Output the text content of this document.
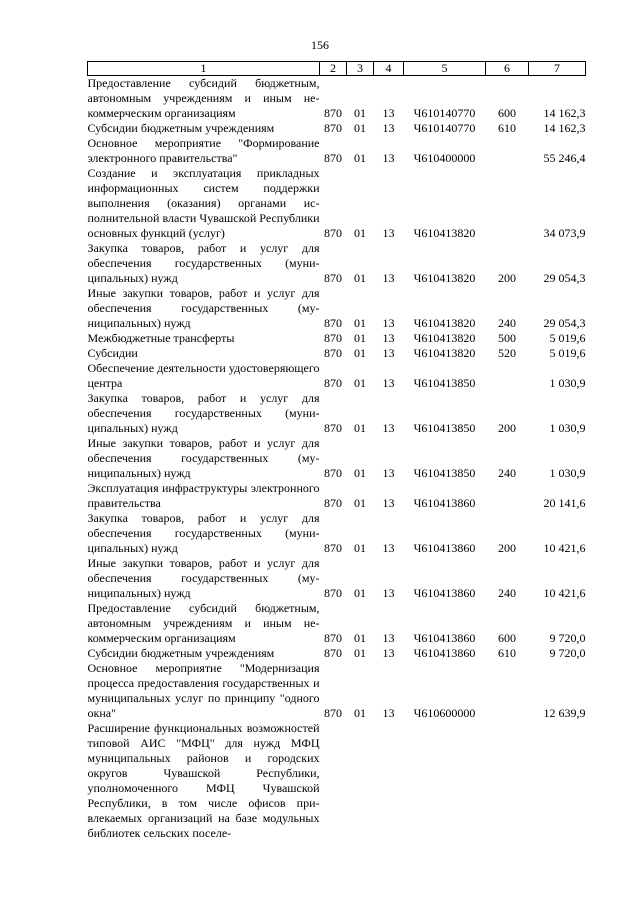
156
1	2	3	4	5	6	7
Предоставление субсидий бюджетным, автономным учреждениям и иным некоммерческим организациям	870	01	13	Ч610140770	600	14 162,3
Субсидии бюджетным учреждениям	870	01	13	Ч610140770	610	14 162,3
Основное мероприятие "Формирование электронного правительства"	870	01	13	Ч610400000		55 246,4
Создание и эксплуатация прикладных информационных систем поддержки выполнения (оказания) органами исполнительной власти Чувашской Республики основных функций (услуг)	870	01	13	Ч610413820		34 073,9
Закупка товаров, работ и услуг для обеспечения государственных (муниципальных) нужд	870	01	13	Ч610413820	200	29 054,3
Иные закупки товаров, работ и услуг для обеспечения государственных (муниципальных) нужд	870	01	13	Ч610413820	240	29 054,3
Межбюджетные трансферты	870	01	13	Ч610413820	500	5 019,6
Субсидии	870	01	13	Ч610413820	520	5 019,6
Обеспечение деятельности удостоверяющего центра	870	01	13	Ч610413850		1 030,9
Закупка товаров, работ и услуг для обеспечения государственных (муниципальных) нужд	870	01	13	Ч610413850	200	1 030,9
Иные закупки товаров, работ и услуг для обеспечения государственных (муниципальных) нужд	870	01	13	Ч610413850	240	1 030,9
Эксплуатация инфраструктуры электронного правительства	870	01	13	Ч610413860		20 141,6
Закупка товаров, работ и услуг для обеспечения государственных (муниципальных) нужд	870	01	13	Ч610413860	200	10 421,6
Иные закупки товаров, работ и услуг для обеспечения государственных (муниципальных) нужд	870	01	13	Ч610413860	240	10 421,6
Предоставление субсидий бюджетным, автономным учреждениям и иным некоммерческим организациям	870	01	13	Ч610413860	600	9 720,0
Субсидии бюджетным учреждениям	870	01	13	Ч610413860	610	9 720,0
Основное мероприятие "Модернизация процесса предоставления государственных и муниципальных услуг по принципу "одного окна"	870	01	13	Ч610600000		12 639,9
Расширение функциональных возможностей типовой АИС "МФЦ" для нужд МФЦ муниципальных районов и городских округов Чувашской Республики, уполномоченного МФЦ Чувашской Республики, в том числе офисов привлекаемых организаций на базе модульных библиотек сельских поселе-						
